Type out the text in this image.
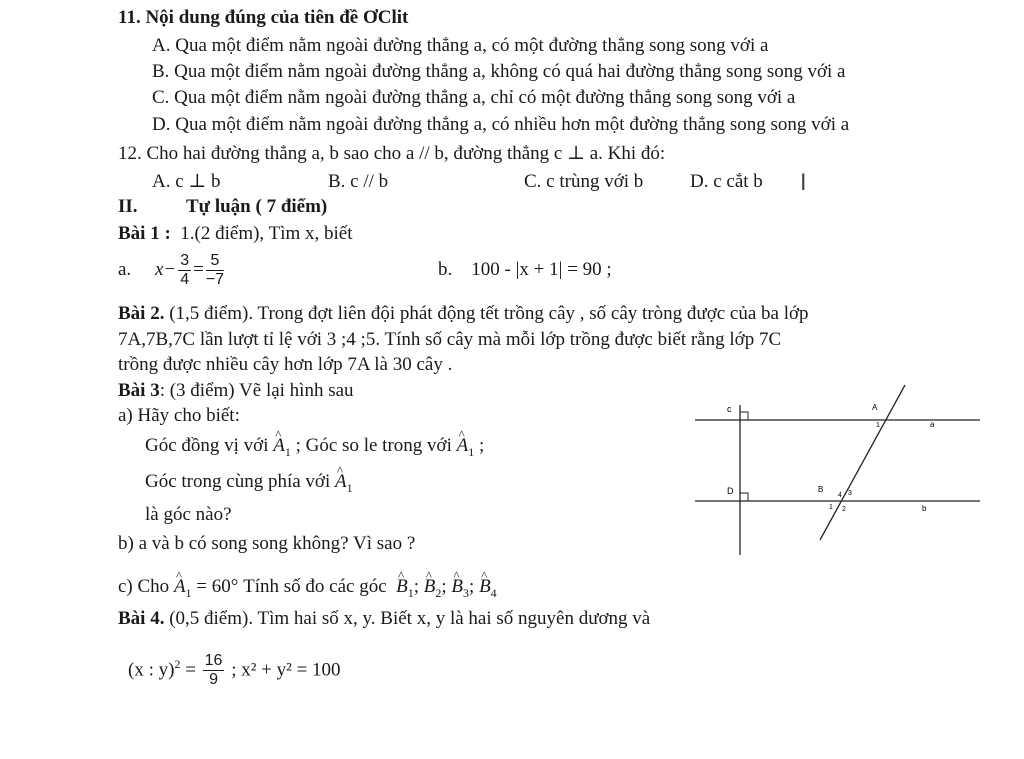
11. Nội dung đúng của tiên đề ƠClit
A. Qua một điểm nằm ngoài đường thẳng a, có một đường thẳng song song với a
B. Qua một điểm nằm ngoài đường thẳng a, không có quá hai đường thẳng song song với a
C. Qua một điểm nằm ngoài đường thẳng a, chỉ có một đường thẳng song song với a
D. Qua một điểm nằm ngoài đường thẳng a, có nhiều hơn một đường thẳng song song với a
12. Cho hai đường thẳng a, b sao cho a // b, đường thẳng c ⊥ a. Khi đó:
A. c ⊥ b	B. c // b	C. c trùng với b D. c cắt b I
II.	Tự luận ( 7 điểm)
Bài 1 : 1.(2 điểm), Tìm x, biết
a. $x- \frac{3}{4} = \frac{5}{-7}$	b. 100 - |x + 1| = 90 ;
Bài 2. (1,5 điểm). Trong đợt liên đội phát động tết trồng cây , số cây tròng được của ba lớp
7A,7B,7C lần lượt tỉ lệ với 3 ;4 ;5. Tính số cây mà mỗi lớp trồng được biết rằng lớp 7C
trồng được nhiều cây hơn lớp 7A là 30 cây .
Bài 3: (3 điểm) Vẽ lại hình sau
a) Hãy cho biết:
Góc đồng vị với ^ $A_1$ ; Góc so le trong với ^ $A_1$ ;
Góc trong cùng phía với ^ $A_1$
là góc nào?
b) a và b có song song không? Vì sao ?
c) Cho ^ $A_1 = 60^\circ$ Tính số đo các góc ^ $B_1$; ^ $B_2$; ^ $B_3$; ^ $B_4$
Bài 4. (0,5 điểm). Tìm hai số x, y. Biết x, y là hai số nguyên dương và
(x : $y)^2 = \frac{16}{9}$ ; x² + y² = 100
c
D
A
a
1
B
4 3
1 2	b
